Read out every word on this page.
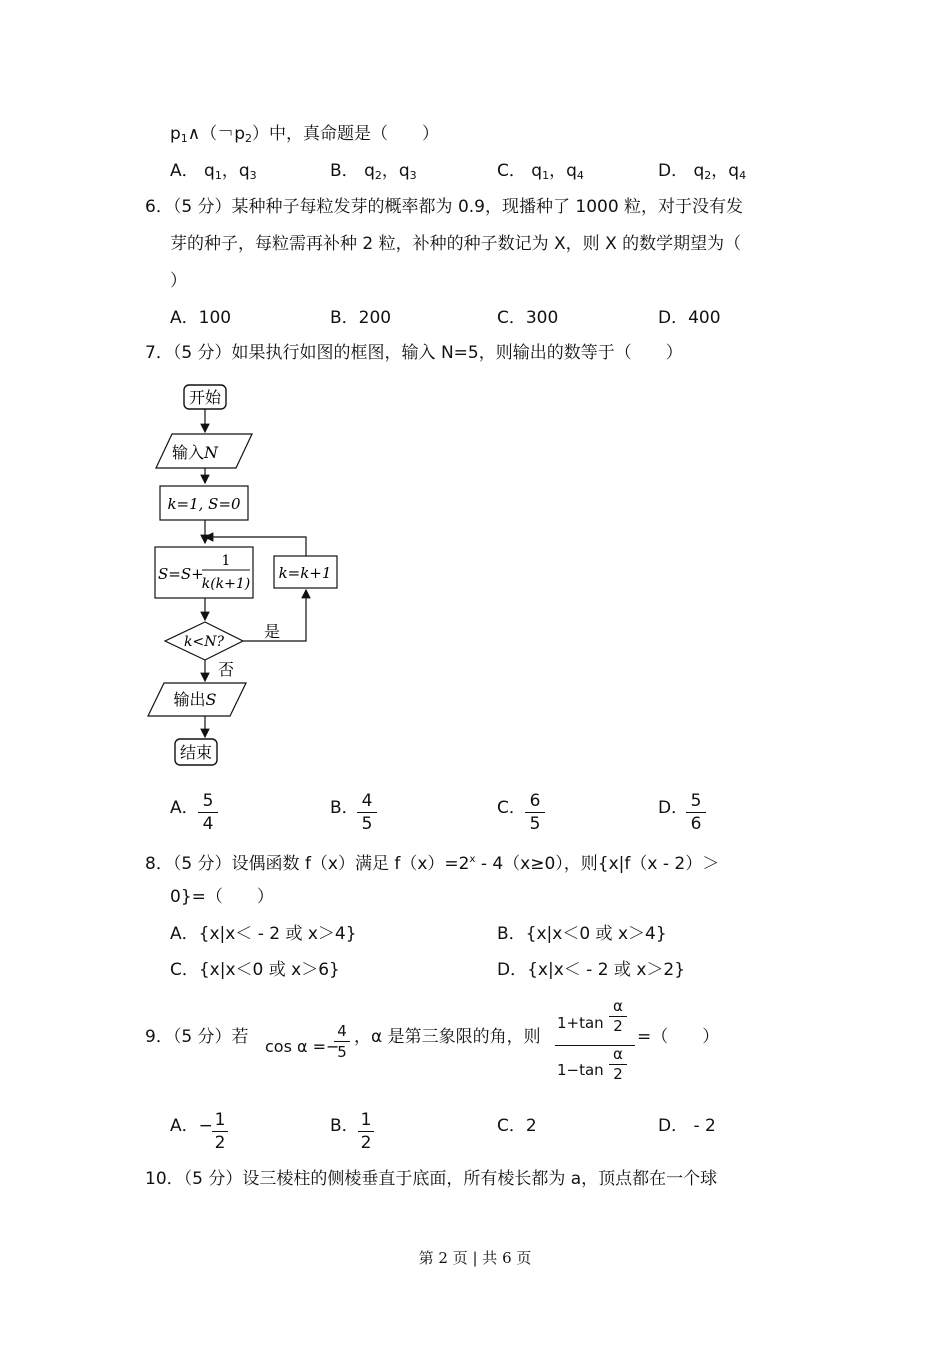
$p_1\wedge$（￢$p_2$）中，真命题是（　　）
A． $q_1$，$q_3$	B． $q_2$，$q_3$	C． $q_1$，$q_4$	D． $q_2$，$q_4$
6．（5 分）某种种子每粒发芽的概率都为 0.9，现播种了 1000 粒，对于没有发
芽的种子，每粒需再补种 2 粒，补种的种子数记为 X，则 X 的数学期望为（
）
A．100	B．200	C．300	D．400
7．（5 分）如果执行如图的框图，输入 N=5，则输出的数等于（　　）
开始
输入N
k=1, S=0
S=S+
1
k(k+1)
k<N?
是
k=k+1
否
输出S
结束
A． 5
4
B． 4
5
C． 6
5
D． 5
6
8．（5 分）设偶函数 f（x）满足 $f(x)=2^x - 4(x\ge 0)$，则{x|f（x - 2）＞
0}=（　　）
A．{x|x＜ - 2 或 x＞4}	B．{x|x＜0 或 x＞4}
C．{x|x＜0 或 x＞6}	D．{x|x＜ - 2 或 x＞2}
9．（5 分）若 cos α =−
4
5
，α 是第三象限的角，则
1+tan
α
2
1−tan
α
2
=（　　）
A．− 1
2
B． 1
2
C．2	D． - 2
10．（5 分）设三棱柱的侧棱垂直于底面，所有棱长都为 a，顶点都在一个球
第 2 页 | 共 6 页
